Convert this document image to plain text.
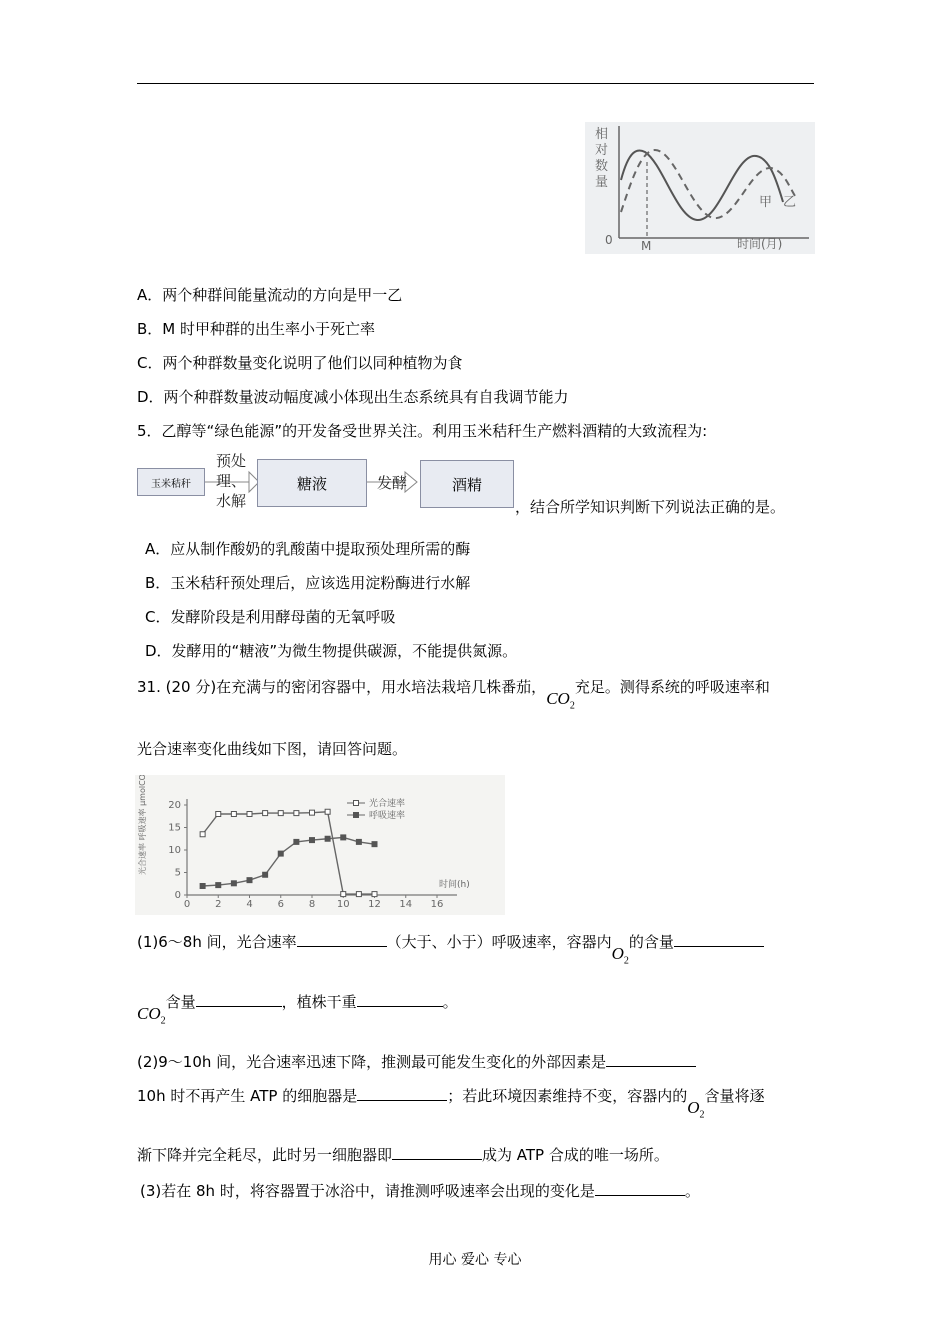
相
对
数
量
0 M
甲 乙
时间(月)
A．两个种群间能量流动的方向是甲一乙
B．M 时甲种群的出生率小于死亡率
C．两个种群数量变化说明了他们以同种植物为食
D．两个种群数量波动幅度减小体现出生态系统具有自我调节能力
5．乙醇等“绿色能源”的开发备受世界关注。利用玉米秸秆生产燃料酒精的大致流程为:
玉米秸秆
预处
理、
水解
糖液	发酵	酒精
，结合所学知识判断下列说法正确的是。
A．应从制作酸奶的乳酸菌中提取预处理所需的酶
B．玉米秸秆预处理后，应该选用淀粉酶进行水解
C．发酵阶段是利用酵母菌的无氧呼吸
D．发酵用的“糖液”为微生物提供碳源，不能提供氮源。
31. (20 分)在充满与的密闭容器中，用水培法栽培几株番茄，$CO_2$充足。测得系统的呼吸速率和
光合速率变化曲线如下图，请回答问题。
0 2 4 6 8 10 12 14 16
0
5
10
15
20
时间(h)
光合速率 呼吸速率 μmolCO2/h	光合速率
呼吸速率
(1)6～8h 间，光合速率	（大于、小于）呼吸速率，容器内$O_2$的含量
$CO_2$含量	，植株干重	。
(2)9～10h 间，光合速率迅速下降，推测最可能发生变化的外部因素是
10h 时不再产生 ATP 的细胞器是	；若此环境因素维持不变，容器内的$O_2$含量将逐
渐下降并完全耗尽，此时另一细胞器即	成为 ATP 合成的唯一场所。
(3)若在 8h 时，将容器置于冰浴中，请推测呼吸速率会出现的变化是	。
用心 爱心 专心
